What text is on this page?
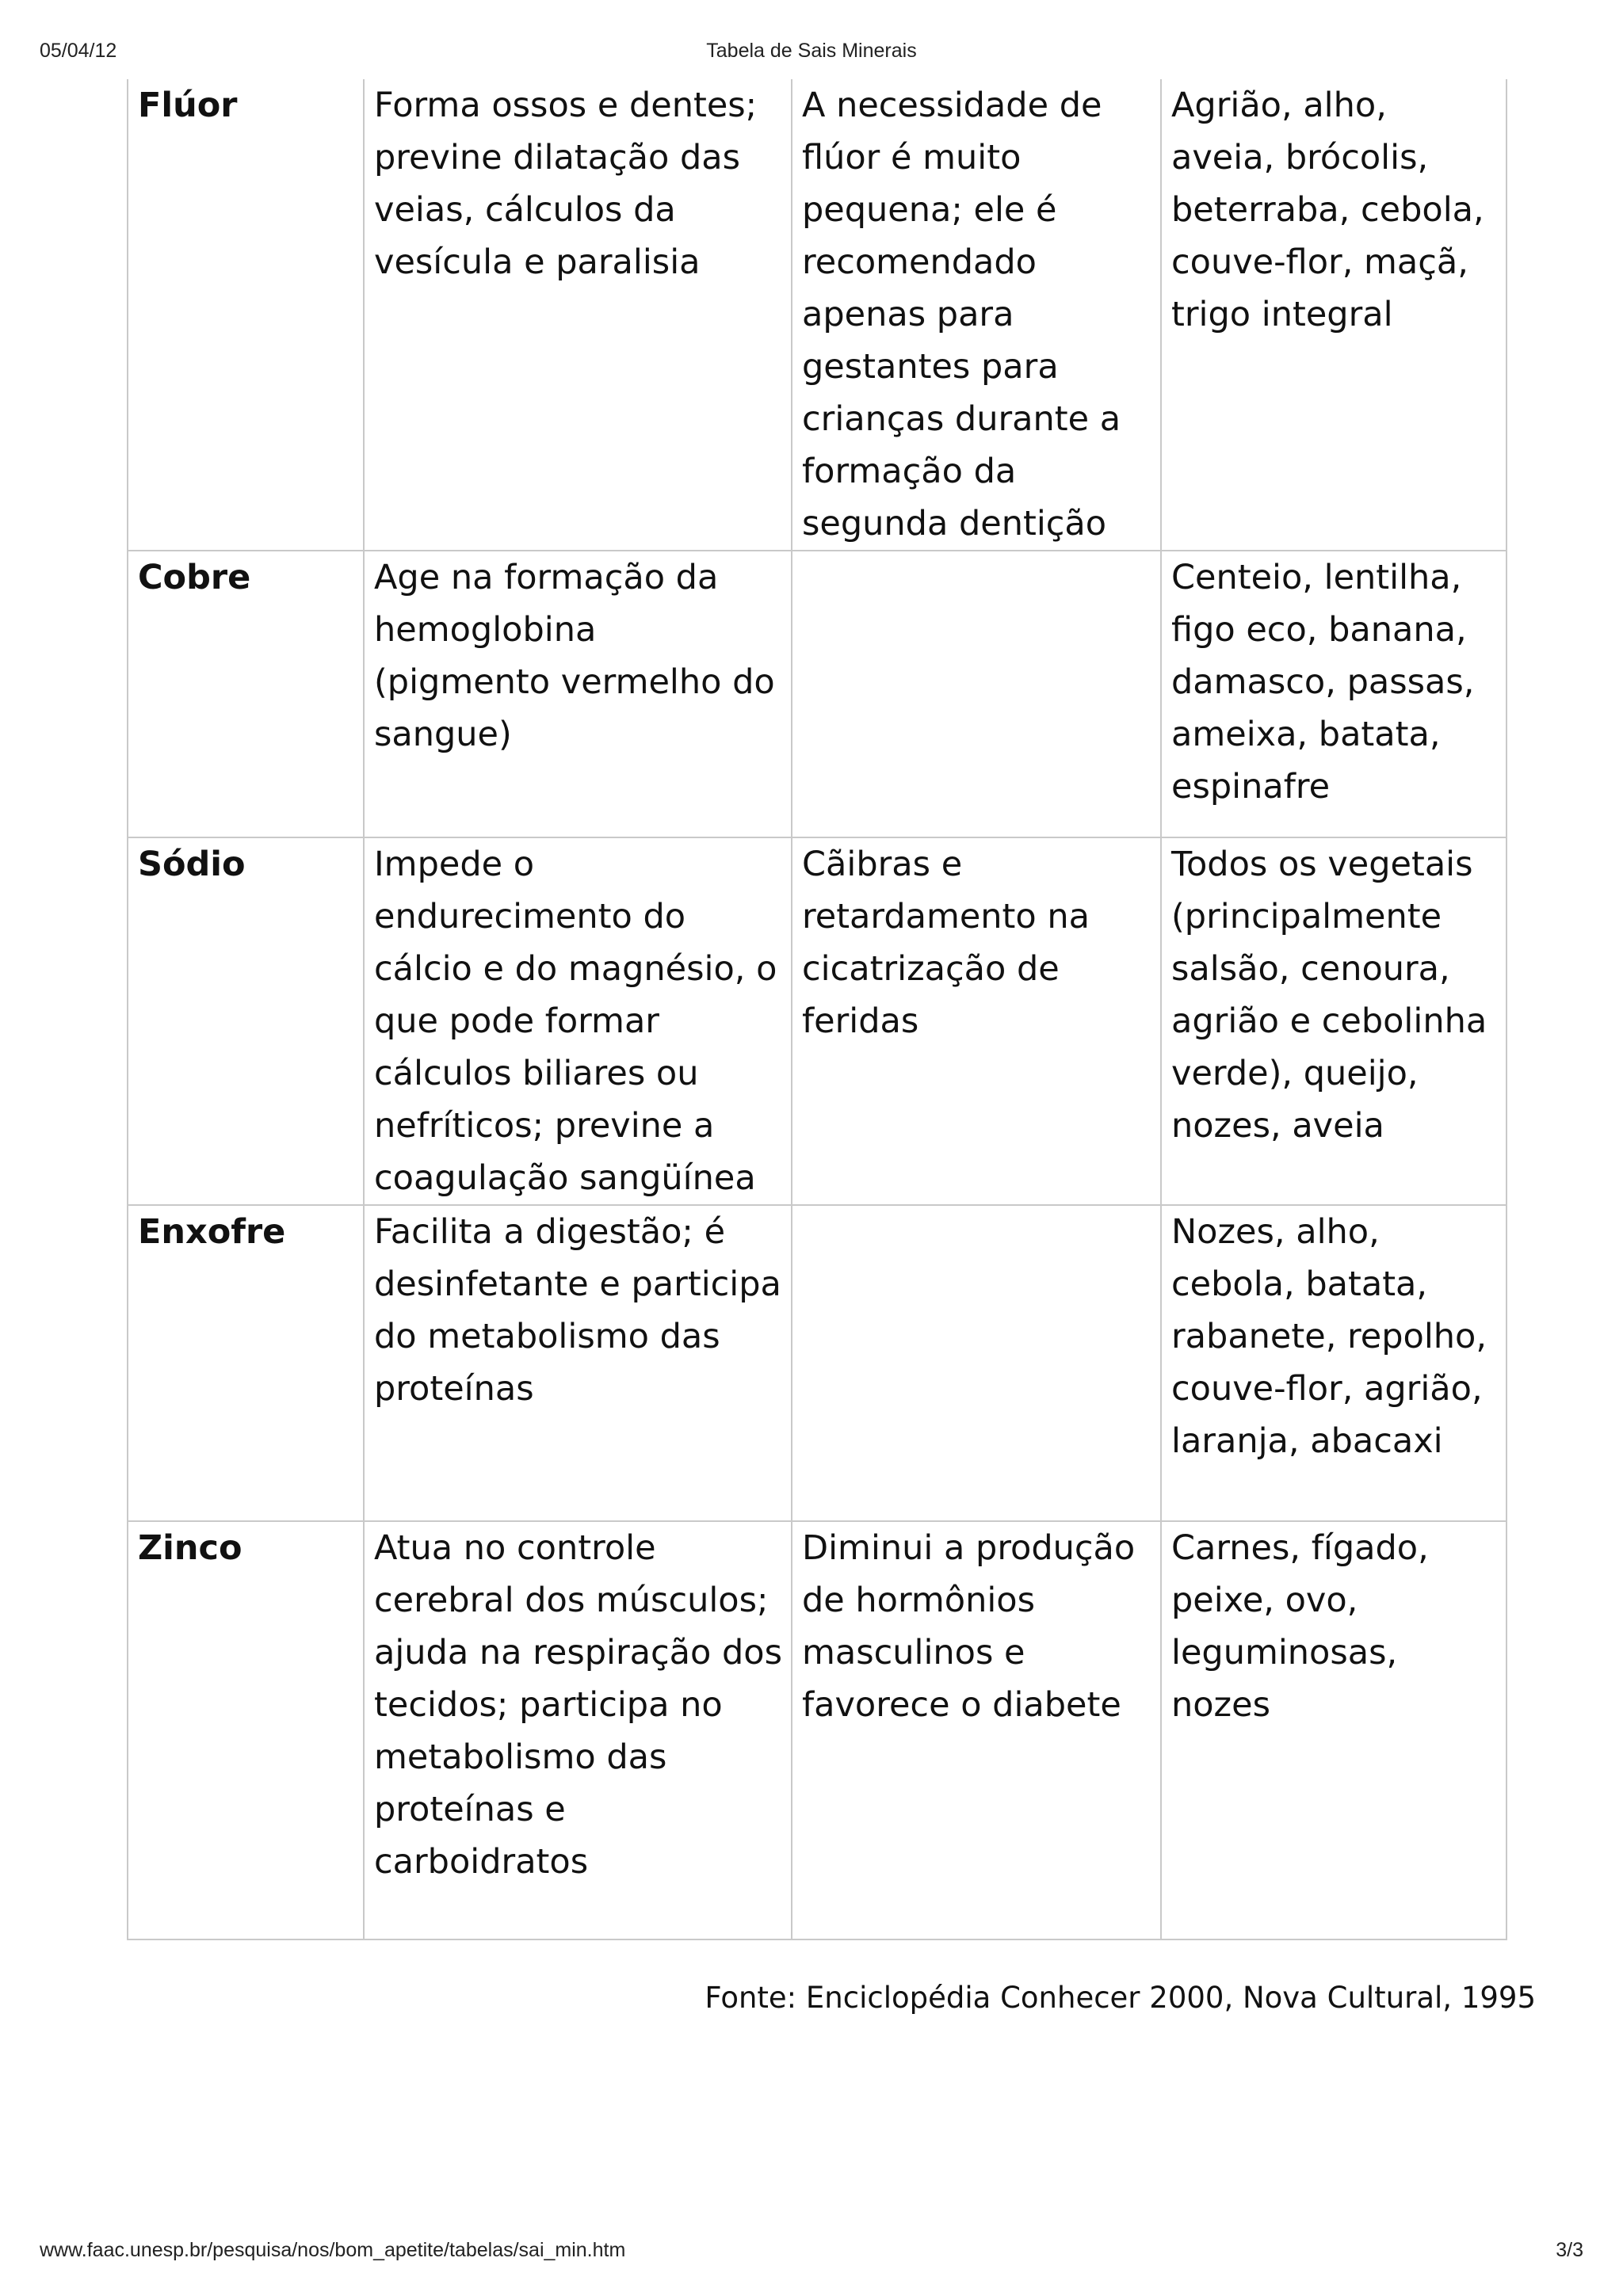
05/04/12	Tabela de Sais Minerais
Flúor	Forma ossos e dentes; previne dilatação das veias, cálculos da vesícula e paralisia	A necessidade de flúor é muito pequena; ele é recomendado apenas para gestantes para crianças durante a formação da segunda dentição	Agrião, alho, aveia, brócolis, beterraba, cebola, couve-flor, maçã, trigo integral
Cobre	Age na formação da hemoglobina (pigmento vermelho do sangue)		Centeio, lentilha, figo eco, banana, damasco, passas, ameixa, batata, espinafre
Sódio	Impede o endurecimento do cálcio e do magnésio, o que pode formar cálculos biliares ou nefríticos; previne a coagulação sangüínea	Cãibras e retardamento na cicatrização de feridas	Todos os vegetais (principalmente salsão, cenoura, agrião e cebolinha verde), queijo, nozes, aveia
Enxofre	Facilita a digestão; é desinfetante e participa do metabolismo das proteínas		Nozes, alho, cebola, batata, rabanete, repolho, couve-flor, agrião, laranja, abacaxi
Zinco	Atua no controle cerebral dos músculos; ajuda na respiração dos tecidos; participa no metabolismo das proteínas e carboidratos	Diminui a produção de hormônios masculinos e favorece o diabete	Carnes, fígado, peixe, ovo, leguminosas, nozes
Fonte: Enciclopédia Conhecer 2000, Nova Cultural, 1995
www.faac.unesp.br/pesquisa/nos/bom_apetite/tabelas/sai_min.htm	3/3
